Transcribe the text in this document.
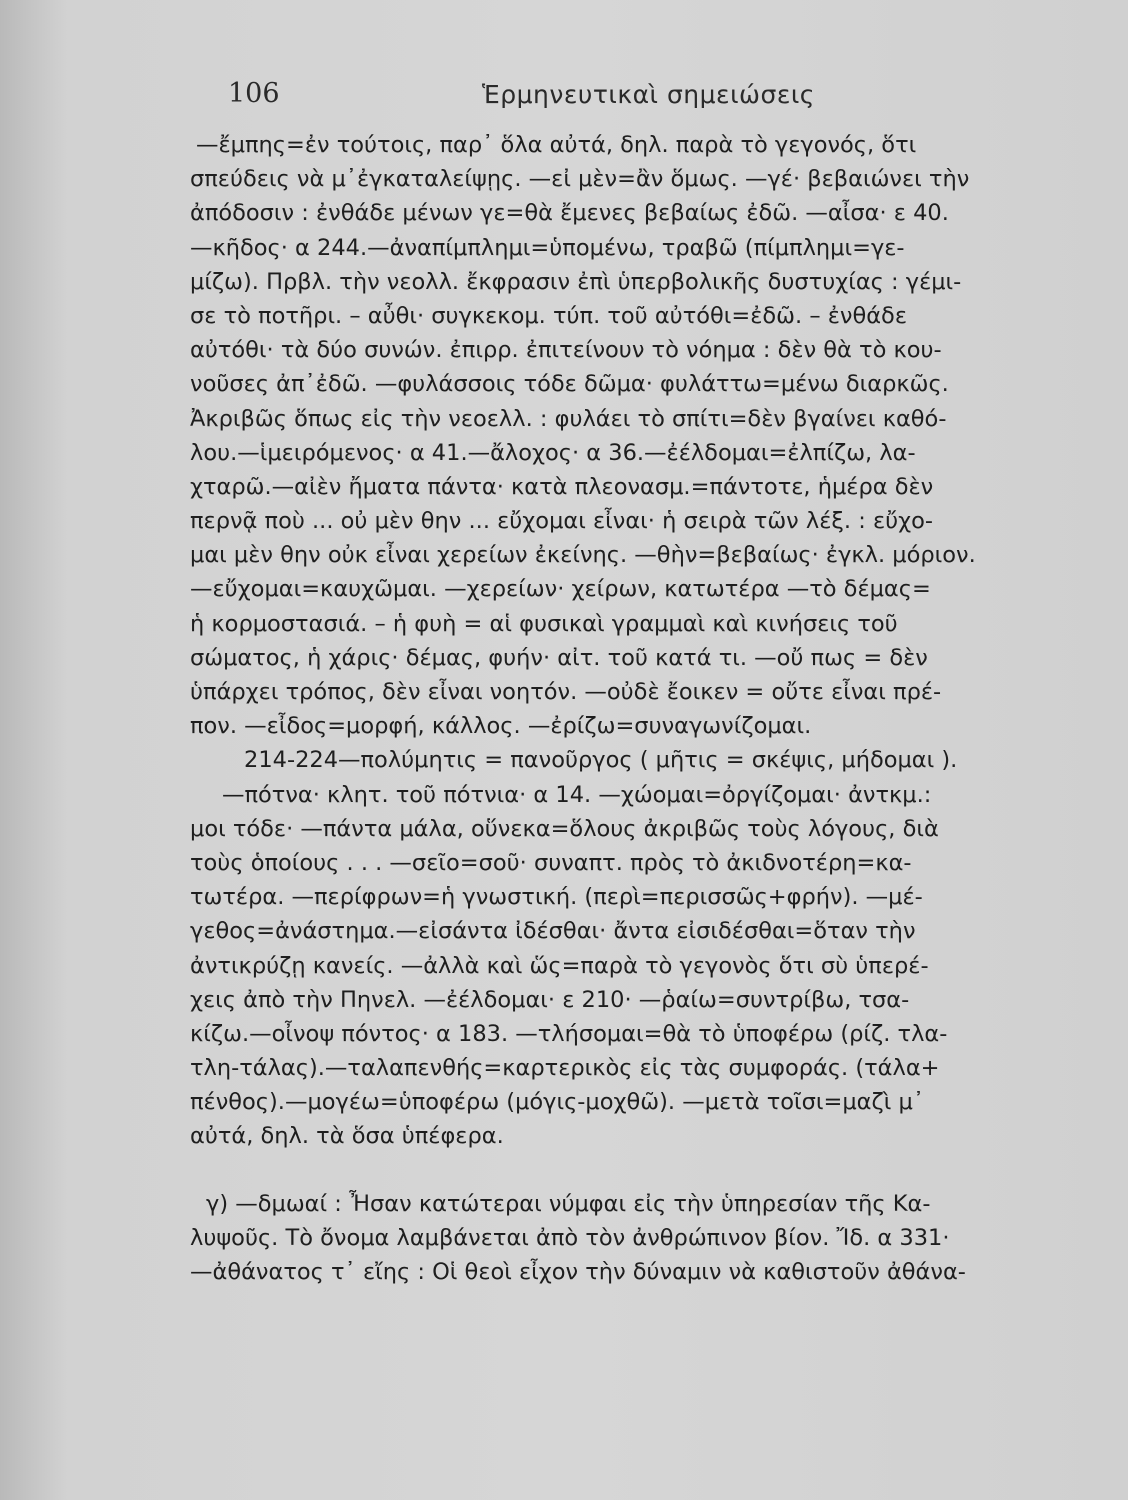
106	Ἑρμηνευτικαὶ σημειώσεις
—ἔμπης=ἐν τούτοις, παρ᾽ ὅλα αὐτά, δηλ. παρὰ τὸ γεγονός, ὅτι
σπεύδεις νὰ μ᾽ἐγκαταλείψῃς. —εἰ μὲν=ἂν ὅμως. —γέ· βεβαιώνει τὴν
ἀπόδοσιν : ἐνθάδε μένων γε=θὰ ἔμενες βεβαίως ἐδῶ. —αἶσα· ε 40.
—κῆδος· α 244.—ἀναπίμπλημι=ὑπομένω, τραβῶ (πίμπλημι=γε-
μίζω). Πρβλ. τὴν νεολλ. ἔκφρασιν ἐπὶ ὑπερβολικῆς δυστυχίας : γέμι-
σε τὸ ποτῆρι. – αὖθι· συγκεκομ. τύπ. τοῦ αὐτόθι=ἐδῶ. – ἐνθάδε
αὐτόθι· τὰ δύο συνών. ἐπιρρ. ἐπιτείνουν τὸ νόημα : δὲν θὰ τὸ κου-
νοῦσες ἀπ᾽ἐδῶ. —φυλάσσοις τόδε δῶμα· φυλάττω=μένω διαρκῶς.
Ἀκριβῶς ὅπως εἰς τὴν νεοελλ. : φυλάει τὸ σπίτι=δὲν βγαίνει καθό-
λου.—ἱμειρόμενος· α 41.—ἄλοχος· α 36.—ἐέλδομαι=ἐλπίζω, λα-
χταρῶ.—αἰὲν ἤματα πάντα· κατὰ πλεονασμ.=πάντοτε, ἡμέρα δὲν
περνᾷ ποὺ ... οὐ μὲν θην ... εὔχομαι εἶναι· ἡ σειρὰ τῶν λέξ. : εὔχο-
μαι μὲν θην οὐκ εἶναι χερείων ἐκείνης. —θὴν=βεβαίως· ἐγκλ. μόριον.
—εὔχομαι=καυχῶμαι. —χερείων· χείρων, κατωτέρα —τὸ δέμας=
ἡ κορμοστασιά. – ἡ φυὴ = αἱ φυσικαὶ γραμμαὶ καὶ κινήσεις τοῦ
σώματος, ἡ χάρις· δέμας, φυήν· αἰτ. τοῦ κατά τι. —οὔ πως = δὲν
ὑπάρχει τρόπος, δὲν εἶναι νοητόν. —οὐδὲ ἔοικεν = οὔτε εἶναι πρέ-
πον. —εἶδος=μορφή, κάλλος. —ἐρίζω=συναγωνίζομαι.
214-224—πολύμητις = πανοῦργος ( μῆτις = σκέψις, μήδομαι ).
—πότνα· κλητ. τοῦ πότνια· α 14. —χώομαι=ὀργίζομαι· ἀντκμ.:
μοι τόδε· —πάντα μάλα, οὕνεκα=ὅλους ἀκριβῶς τοὺς λόγους, διὰ
τοὺς ὁποίους . . . —σεῖο=σοῦ· συναπτ. πρὸς τὸ ἀκιδνοτέρη=κα-
τωτέρα. —περίφρων=ἡ γνωστική. (περὶ=περισσῶς+φρήν). —μέ-
γεθος=ἀνάστημα.—εἰσάντα ἰδέσθαι· ἄντα εἰσιδέσθαι=ὅταν τὴν
ἀντικρύζῃ κανείς. —ἀλλὰ καὶ ὥς=παρὰ τὸ γεγονὸς ὅτι σὺ ὑπερέ-
χεις ἀπὸ τὴν Πηνελ. —ἐέλδομαι· ε 210· —ῥαίω=συντρίβω, τσα-
κίζω.—οἶνοψ πόντος· α 183. —τλήσομαι=θὰ τὸ ὑποφέρω (ρίζ. τλα-
τλη-τάλας).—ταλαπενθής=καρτερικὸς εἰς τὰς συμφοράς. (τάλα+
πένθος).—μογέω=ὑποφέρω (μόγις-μοχθῶ). —μετὰ τοῖσι=μαζὶ μ᾽
αὐτά, δηλ. τὰ ὅσα ὑπέφερα.
γ) —δμωαί : Ἦσαν κατώτεραι νύμφαι εἰς τὴν ὑπηρεσίαν τῆς Κα-
λυψοῦς. Τὸ ὄνομα λαμβάνεται ἀπὸ τὸν ἀνθρώπινον βίον. Ἴδ. α 331·
—ἀθάνατος τ᾽ εἴης : Οἱ θεοὶ εἶχον τὴν δύναμιν νὰ καθιστοῦν ἀθάνα-
